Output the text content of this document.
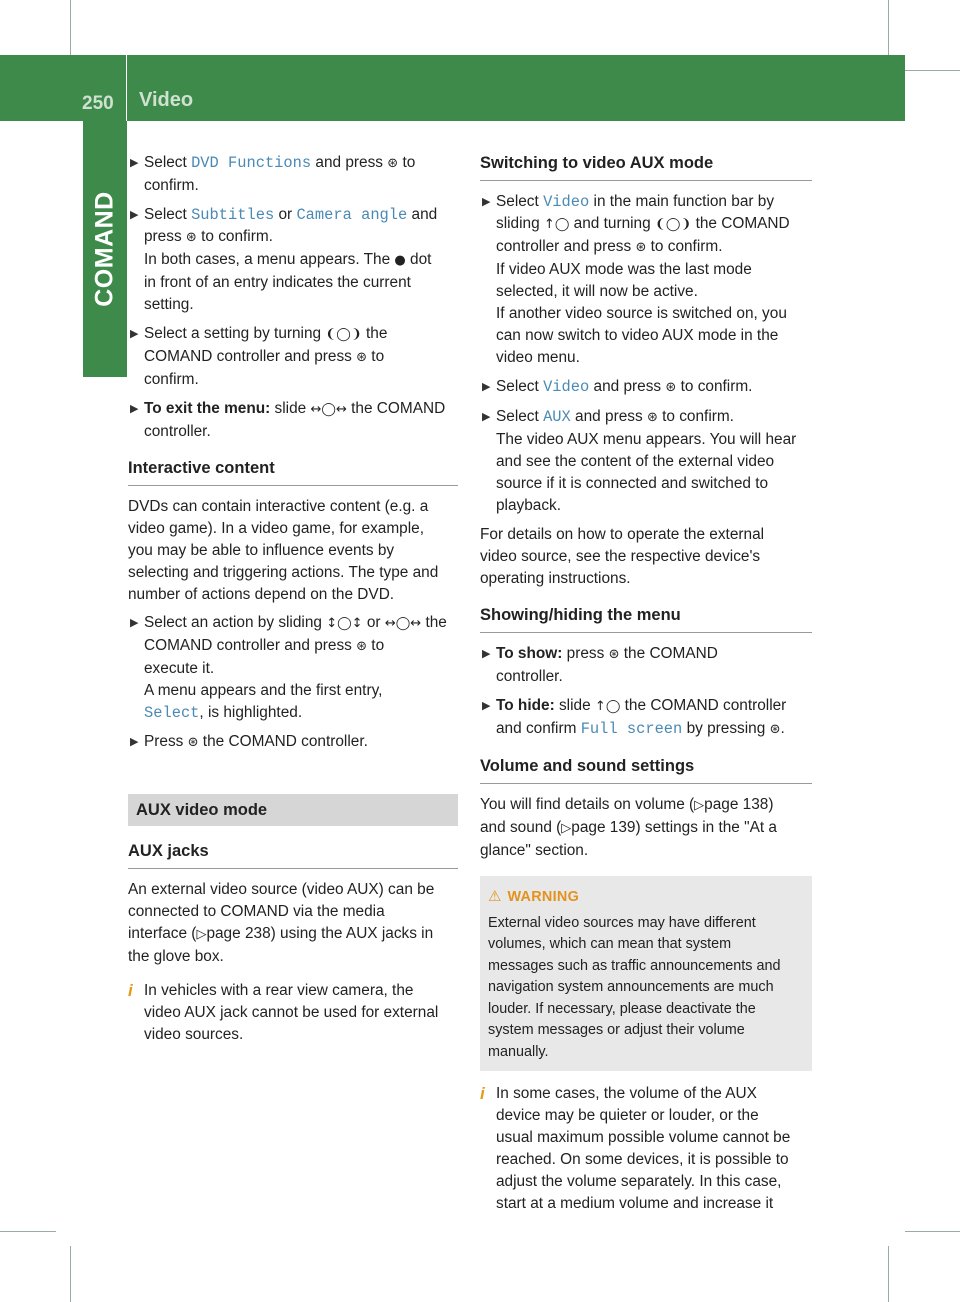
250 Video
COMAND
▶ Select DVD Functions and press ⊛ to
confirm.
▶ Select Subtitles or Camera angle and
press ⊛ to confirm.
In both cases, a menu appears. The ● dot
in front of an entry indicates the current
setting.
▶ Select a setting by turning ❨◯❩ the
COMAND controller and press ⊛ to
confirm.
▶ To exit the menu: slide ↔◯↔ the COMAND
controller.
Interactive content

DVDs can contain interactive content (e.g. a
video game). In a video game, for example,
you may be able to influence events by
selecting and triggering actions. The type and
number of actions depend on the DVD.

▶ Select an action by sliding ↕◯↕ or ↔◯↔ the
COMAND controller and press ⊛ to
execute it.
A menu appears and the first entry,
Select, is highlighted.
▶ Press ⊛ the COMAND controller.
AUX video mode
AUX jacks

An external video source (video AUX) can be
connected to COMAND via the media
interface (▷page 238) using the AUX jacks in
the glove box.

i In vehicles with a rear view camera, the
video AUX jack cannot be used for external
video sources.
Switching to video AUX mode
▶ Select Video in the main function bar by
sliding ↑◯ and turning ❨◯❩ the COMAND
controller and press ⊛ to confirm.
If video AUX mode was the last mode
selected, it will now be active.
If another video source is switched on, you
can now switch to video AUX mode in the
video menu.
▶ Select Video and press ⊛ to confirm.
▶ Select AUX and press ⊛ to confirm.
The video AUX menu appears. You will hear
and see the content of the external video
source if it is connected and switched to
playback.

For details on how to operate the external
video source, see the respective device's
operating instructions.

Showing/hiding the menu
▶ To show: press ⊛ the COMAND
controller.
▶ To hide: slide ↑◯ the COMAND controller
and confirm Full screen by pressing ⊛.
Volume and sound settings

You will find details on volume (▷page 138)
and sound (▷page 139) settings in the "At a
glance" section.

⚠ WARNING
External video sources may have different
volumes, which can mean that system
messages such as traffic announcements and
navigation system announcements are much
louder. If necessary, please deactivate the
system messages or adjust their volume
manually.
i In some cases, the volume of the AUX
device may be quieter or louder, or the
usual maximum possible volume cannot be
reached. On some devices, it is possible to
adjust the volume separately. In this case,
start at a medium volume and increase it
